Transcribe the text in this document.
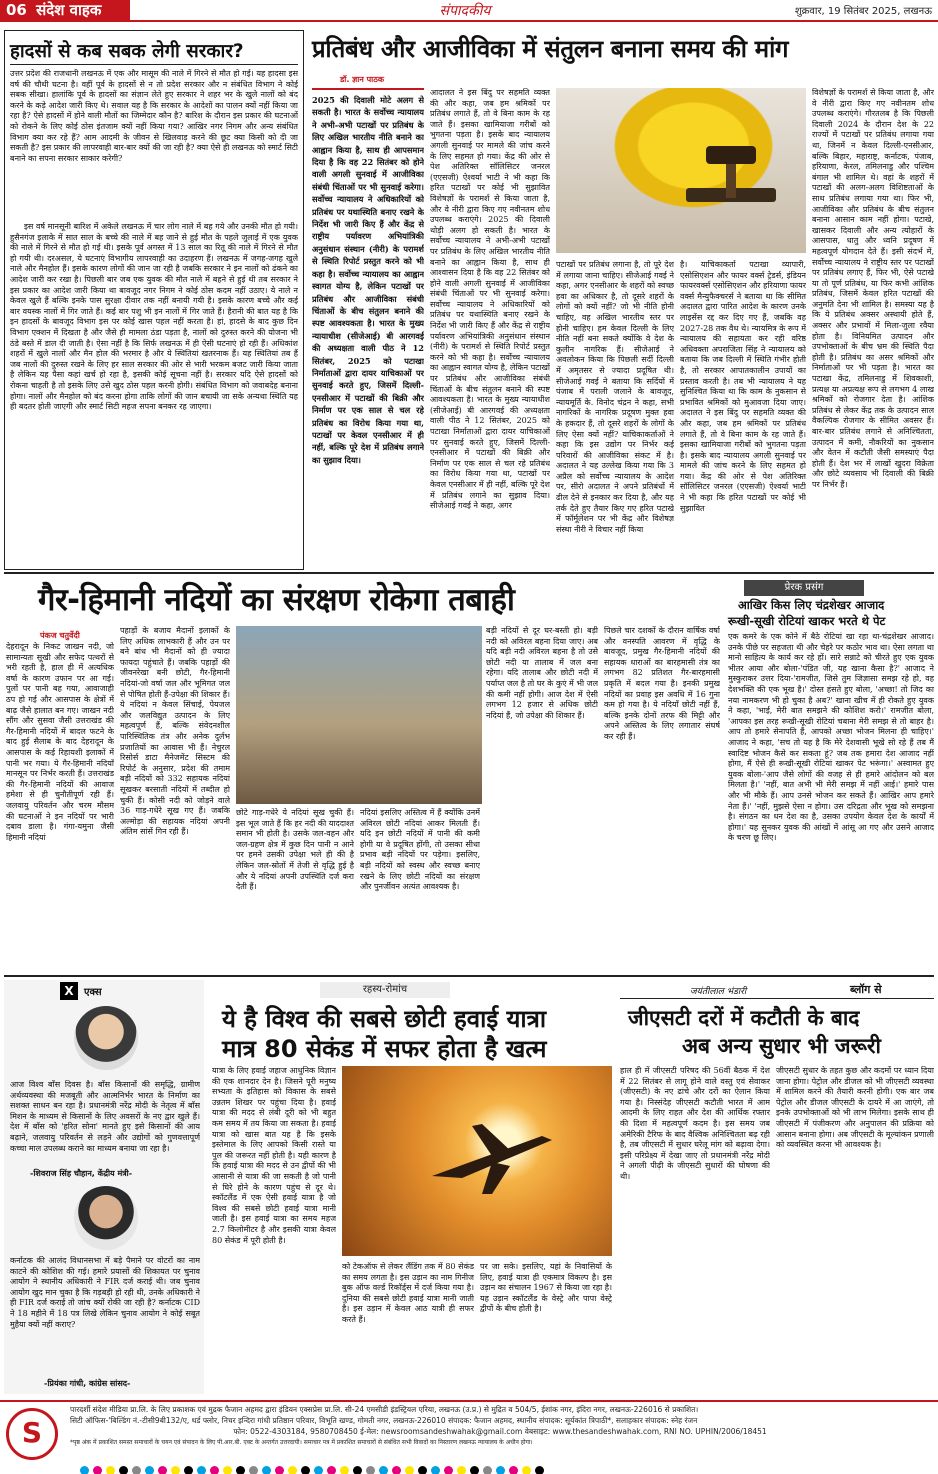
06 संदेश वाहक	संपादकीय	शुक्रवार, 19 सितंबर 2025, लखनऊ
हादसों से कब सबक लेगी सरकार?
उत्तर प्रदेश की राजधानी लखनऊ में एक और मासूम की नाले में गिरने से मौत हो गई। यह हादसा इस वर्ष की चौथी घटना है। वहीं पूर्व के हादसों से न तो प्रदेश सरकार और न संबंधित विभाग ने कोई सबक सीखा। हालांकि पूर्व के हादसों का संज्ञान लेते हुए सरकार ने शहर भर के खुले नालों को बंद करने के कड़े आदेश जारी किए थे। सवाल यह है कि सरकार के आदेशों का पालन क्यों नहीं किया जा रहा है? ऐसे हादसों में होने वाली मौतों का जिम्मेदार कौन है? बारिश के दौरान इस प्रकार की घटनाओं को रोकने के लिए कोई ठोस इंतजाम क्यों नहीं किया गया? आखिर नगर निगम और अन्य संबंधित विभाग क्या कर रहे हैं? आम आदमी के जीवन से खिलवाड़ करने की छूट क्या किसी को दी जा सकती है? इस प्रकार की लापरवाही बार-बार क्यों की जा रही है? क्या ऐसे ही लखनऊ को स्मार्ट सिटी बनाने का सपना सरकार साकार करेगी?
इस वर्ष मानसूनी बारिश में अकेले लखनऊ में चार लोग नाले में बह गये और उनकी मौत हो गयी। हुसैनगंज इलाके में सात साल के बच्चे की नाले में बह जाने से हुई मौत के पहले जुलाई में एक युवक की नाले में गिरने से मौत हो गई थी। इसके पूर्व अगस्त में 13 साल का रितू की नाले में गिरने से मौत हो गयी थी। दरअसल, ये घटनाएं विभागीय लापरवाही का उदाहरण हैं। लखनऊ में जगह-जगह खुले नाले और मैनहोल हैं। इसके कारण लोगों की जान जा रही है जबकि सरकार ने इन नालों को ढंकने का आदेश जारी कर रखा है। पिछली बार जब एक युवक की मौत नाले में बहने से हुई थी तब सरकार ने इस प्रकार का आदेश जारी किया था बावजूद नगर निगम ने कोई ठोस कदम नहीं उठाए। ये नाले न केवल खुले हैं बल्कि इनके पास सुरक्षा दीवार तक नहीं बनायी गयी है। इसके कारण बच्चे और कई बार वयस्क नालों में गिर जाते हैं। कई बार पशु भी इन नालों में गिर जाते हैं। हैरानी की बात यह है कि इन हादसों के बावजूद विभाग इस पर कोई खास पहल नहीं करता है। हां, हादसे के बाद कुछ दिन विभाग एक्शन में दिखता है और जैसे ही मामला ठंडा पड़ता है, नालों को दुरुस्त करने की योजना भी ठंडे बस्ते में डाल दी जाती है। ऐसा नहीं है कि सिर्फ लखनऊ में ही ऐसी घटनाएं हो रही हैं। अधिकांश शहरों में खुले नालों और मैन होल की भरमार है और ये स्थितियां खतरनाक हैं। यह स्थितियां तब हैं जब नालों की दुरुस्त रखने के लिए हर साल सरकार की ओर से भारी भरकम बजट जारी किया जाता है लेकिन यह पैसा कहां खर्च हो रहा है, इसकी कोई सूचना नहीं है। सरकार यदि ऐसे हादसों को रोकना चाहती है तो इसके लिए उसे खुद ठोस पहल करनी होगी। संबंधित विभाग को जवाबदेह बनाना होगा। नालों और मैनहोल को बंद करना होगा ताकि लोगों की जान बचायी जा सके अन्यथा स्थिति यह ही बदतर होती जाएगी और स्मार्ट सिटी महज सपना बनकर रह जाएगा।
प्रतिबंध और आजीविका में संतुलन बनाना समय की मांग
डॉ. ज्ञान पाठक
2025 की दिवाली मोटे अलग से सकती है। भारत के सर्वोच्च न्यायालय ने अभी-अभी पटाखों पर प्रतिबंध के लिए अखिल भारतीय नीति बनाने का आह्वान किया है, साथ ही आपसमान दिया है कि वह 22 सितंबर को होने वाली अगली सुनवाई में आजीविका संबंधी चिंताओं पर भी सुनवाई करेगा। सर्वोच्च न्यायालय ने अधिकारियों को प्रतिबंध पर यथास्थिति बनाए रखने के निर्देश भी जारी किए हैं और केंद्र से राष्ट्रीय पर्यावरण अभियांत्रिकी अनुसंधान संस्थान (नीरी) के परामर्श से स्थिति रिपोर्ट प्रस्तुत करने को भी कहा है। सर्वोच्च न्यायालय का आह्वान स्वागत योग्य है, लेकिन पटाखों पर प्रतिबंध और आजीविका संबंधी चिंताओं के बीच संतुलन बनाने की स्पष्ट आवश्यकता है। भारत के मुख्य न्यायाधीश (सीजेआई) बी आरगवई की अध्यक्षता वाली पीठ ने 12 सितंबर, 2025 को पटाखा निर्माताओं द्वारा दायर याचिकाओं पर सुनवाई करते हुए, जिसमें दिल्ली-एनसीआर में पटाखों की बिक्री और निर्माण पर एक साल से चल रहे प्रतिबंध का विरोध किया गया था, पटाखों पर केवल एनसीआर में ही नहीं, बल्कि पूरे देश में प्रतिबंध लगाने का सुझाव दिया।
आदालत ने इस बिंदु पर सहमति व्यक्त की और कहा, जब हम श्रमिकों पर प्रतिबंध लगाते हैं, तो वे बिना काम के रह जाते हैं। इसका खामियाजा गरीबों को भुगतना पड़ता है। इसके बाद न्यायालय अगली सुनवाई पर मामले की जांच करने के लिए सहमत हो गया। केंद्र की ओर से पेश अतिरिक्त सॉलिसिटर जनरल (एएसजी) ऐश्वर्या भाटी ने भी कहा कि हरित पटाखों पर कोई भी सुझावित विशेषज्ञों के परामर्श से किया जाता है, और वे नीरी द्वारा किए गए नवीनतम शोध उपलब्ध कराएंगे। 2025 की दिवाली थोड़ी अलग हो सकती है। भारत के सर्वोच्च न्यायालय ने अभी-अभी पटाखों पर प्रतिबंध के लिए अखिल भारतीय नीति बनाने का आह्वान किया है, साथ ही आश्वासन दिया है कि वह 22 सितंबर को होने वाली अगली सुनवाई में आजीविका संबंधी चिंताओं पर भी सुनवाई करेगा। सर्वोच्च न्यायालय ने अधिकारियों को प्रतिबंध पर यथास्थिति बनाए रखने के निर्देश भी जारी किए हैं और केंद्र से राष्ट्रीय पर्यावरण अभियांत्रिकी अनुसंधान संस्थान (नीरी) के परामर्श से स्थिति रिपोर्ट प्रस्तुत करने को भी कहा है। सर्वोच्च न्यायालय का आह्वान स्वागत योग्य है, लेकिन पटाखों पर प्रतिबंध और आजीविका संबंधी चिंताओं के बीच संतुलन बनाने की स्पष्ट आवश्यकता है। भारत के मुख्य न्यायाधीश (सीजेआई) बी आरगवई की अध्यक्षता वाली पीठ ने 12 सितंबर, 2025 को पटाखा निर्माताओं द्वारा दायर याचिकाओं पर सुनवाई करते हुए, जिसमें दिल्ली-एनसीआर में पटाखों की बिक्री और निर्माण पर एक साल से चल रहे प्रतिबंध का विरोध किया गया था, पटाखों पर केवल एनसीआर में ही नहीं, बल्कि पूरे देश में प्रतिबंध लगाने का सुझाव दिया। सीजेआई गवई ने कहा, अगर
पटाखों पर प्रतिबंध लगाना है, तो पूरे देश में लगाया जाना चाहिए। सीजेआई गवई ने कहा, अगर एनसीआर के शहरों को स्वच्छ हवा का अधिकार है, तो दूसरे शहरों के लोगों को क्यों नहीं? जो भी नीति होनी चाहिए, वह अखिल भारतीय स्तर पर होनी चाहिए। हम केवल दिल्ली के लिए नीति नहीं बना सकते क्योंकि वे देश के कुलीन नागरिक हैं। सीजेआई ने अवलोकन किया कि पिछली सर्दी दिल्ली में अमृतसर से ज्यादा प्रदूषित थी। सीजेआई गवई ने बताया कि सर्दियों में पंजाब में पराली जलाने के बावजूद, न्यायमूर्ति के. विनोद चंद्रन ने कहा, सभी नागरिकों के नागरिक प्रदूषण मुक्त हवा के हकदार हैं, तो दूसरे शहरों के लोगों के लिए ऐसा क्यों नहीं? याचिकाकर्ताओं ने कहा कि इस उद्योग पर निर्भर कई परिवारों की आजीविका संकट में है। अदालत ने यह उल्लेख किया गया कि 3 अप्रैल को सर्वोच्च न्यायालय के आदेश पर, सीरो अदालत ने अपने प्रतिबंधों में ढील देने से इनकार कर दिया है, और यह तर्क देते हुए तैयार किए गए हरित पटाखे में फॉर्मूलेशन पर भी केंद्र और विशेषज्ञ संस्था नीरी ने विचार नहीं किया
है। याचिकाकर्ता पटाखा व्यापारी, एसोसिएशन और फायर वर्क्स ट्रेडर्स, इंडियन फायरवर्क्स एसोसिएशन और हरियाणा फायर वर्क्स मैन्युफैक्चरर्स ने बताया था कि सीमित अदालत द्वारा पारित आदेश के कारण उनके लाइसेंस रद्द कर दिए गए हैं, जबकि वह 2027-28 तक वैध थे। न्यायमित्र के रूप में न्यायालय की सहायता कर रही वरिष्ठ अधिवक्ता अपराजिता सिंह ने न्यायालय को बताया कि जब दिल्ली में स्थिति गंभीर होती है, तो सरकार आपातकालीन उपायों का प्रस्ताव करती है। तब भी न्यायालय ने यह सुनिश्चित किया था कि काम के नुकसान से प्रभावित श्रमिकों को मुआवजा दिया जाए। अदालत ने इस बिंदु पर सहमति व्यक्त की और कहा, जब हम श्रमिकों पर प्रतिबंध लगाते हैं, तो वे बिना काम के रह जाते हैं। इसका खामियाजा गरीबों को भुगतना पड़ता है। इसके बाद न्यायालय अगली सुनवाई पर मामले की जांच करने के लिए सहमत हो गया। केंद्र की ओर से पेश अतिरिक्त सॉलिसिटर जनरल (एएसजी) ऐश्वर्या भाटी ने भी कहा कि हरित पटाखों पर कोई भी सुझावित
विशेषज्ञों के परामर्श से किया जाता है, और वे नीरी द्वारा किए गए नवीनतम शोध उपलब्ध कराएंगे। गौरतलब है कि पिछली दिवाली 2024 के दौरान देश के 22 राज्यों में पटाखों पर प्रतिबंध लगाया गया था, जिनमें न केवल दिल्ली-एनसीआर, बल्कि बिहार, महाराष्ट्र, कर्नाटक, पंजाब, हरियाणा, केरल, तमिलनाडु और पश्चिम बंगाल भी शामिल थे। वहां के शहरों में पटाखों की अलग-अलग विशिष्टताओं के साथ प्रतिबंध लगाया गया था। फिर भी, आजीविका और प्रतिबंध के बीच संतुलन बनाना आसान काम नहीं होगा। पटाखे, खासकर दिवाली और अन्य त्योहारों के आसपास, धातु और ध्वनि प्रदूषण में महत्वपूर्ण योगदान देते हैं। इसी संदर्भ में, सर्वोच्च न्यायालय ने राष्ट्रीय स्तर पर पटाखों पर प्रतिबंध लगाए हैं, फिर भी, ऐसे पटाखे या तो पूर्ण प्रतिबंध, या फिर कभी आंशिक प्रतिबंध, जिसमें केवल हरित पटाखों की अनुमति देना भी शामिल है। समस्या यह है कि ये प्रतिबंध अक्सर अस्थायी होते हैं, अक्सर और प्रभावों में मिला-जुला रवैया होता है। विनियमित उत्पादन और उपभोक्ताओं के बीच भ्रम की स्थिति पैदा होती है। प्रतिबंध का असर श्रमिकों और निर्माताओं पर भी पड़ता है। भारत का पटाखा केंद्र, तमिलनाडु में शिवकाशी, प्रत्यक्ष या अप्रत्यक्ष रूप से लगभग 4 लाख श्रमिकों को रोजगार देता है। आंशिक प्रतिबंध से लेकर केंद्र तक के उत्पादन साल वैकल्पिक रोजगार के सीमित अवसर हैं। बार-बार प्रतिबंध लगाने से अनिश्चितता, उत्पादन में कमी, नौकरियों का नुकसान और वेतन में कटौती जैसी समस्याएं पैदा होती हैं। देश भर में लाखों खुदरा विक्रेता और छोटे व्यवसाय भी दिवाली की बिक्री पर निर्भर हैं।
गैर-हिमानी नदियों का संरक्षण रोकेगा तबाही
पंकज चतुर्वेदी
देहरादून के निकट जाखन नदी, जो सामान्यतः सूखी और सफेद पत्थरों से भरी रहती है, हाल ही में अत्यधिक वर्षा के कारण उफान पर आ गई। पुलों पर पानी बह गया, आवाजाही ठप हो गई और आसपास के क्षेत्रों में बाढ़ जैसे हालात बन गए। जाखन नदी सौंग और सुसवा जैसी उत्तराखंड की गैर-हिमानी नदियों में बादल फटने के बाद हुई सैलाब के बाद देहरादून के आसपास के कई रिहायशी इलाकों में पानी भर गया। ये गैर-हिमानी नदियाँ मानसून पर निर्भर करती हैं। उत्तराखंड की गैर-हिमानी नदियों की आवाज हमेशा से ही चुनौतीपूर्ण रही हैं। जलवायु परिवर्तन और चरम मौसम की घटनाओं ने इन नदियों पर भारी दबाव डाला है। गंगा-यमुना जैसी हिमानी नदियां
पहाड़ों के बजाय मैदानों इलाकों के लिए अधिक लाभकारी हैं और उन पर बने बांध भी मैदानों को ही ज्यादा फायदा पहुंचाते हैं। जबकि पहाड़ों की जीवनरेखा बनी छोटी, गैर-हिमानी नदियां-जो वर्षा जल और भूमिगत जल से पोषित होती हैं-उपेक्षा की शिकार हैं। ये नदियां न केवल सिंचाई, पेयजल और जलविद्युत उत्पादन के लिए महत्वपूर्ण हैं, बल्कि संवेदनशील पारिस्थितिक तंत्र और अनेक दुर्लभ प्रजातियों का आवास भी हैं। नेचुरल रिसोर्स डाटा मैनेजमेंट सिस्टम की रिपोर्ट के अनुसार, प्रदेश की तमाम बड़ी नदियों को 332 सहायक नदियां सूखकर बरसाती नदियों में तब्दील हो चुकी हैं। कोसी नदी को जोड़ने वाले 36 गाड़-गधेरे सूख गए हैं। जबकि अल्मोड़ा की सहायक नदियां अपनी अंतिम सांसें गिन रही हैं।
छोटे गाड़-गधेरे ये नदियां सूख चुकी हैं। इस भूल जाते हैं कि हर नदी की याददाश्त समान भी होती है। उसके जल-वहन और जल-ग्रहण क्षेत्र में कुछ दिन पानी न आने पर हमने उसकी उपेक्षा भले ही की है लेकिन जल-स्रोतों में तेजी से वृद्धि हुई है और ये नदियां अपनी उपस्थिति दर्ज करा देती हैं।
नदियां इसलिए अस्तित्व में हैं क्योंकि उनमें अविरल छोटी नदियां आकर मिलती हैं। यदि इन छोटी नदियों में पानी की कमी होगी या वे प्रदूषित होंगी, तो उसका सीधा प्रभाव बड़ी नदियों पर पड़ेगा। इसलिए, बड़ी नदियों को स्वस्थ और स्वच्छ बनाए रखने के लिए छोटी नदियों का संरक्षण और पुनर्जीवन अत्यंत आवश्यक है।
बड़ी नदियों से दूर घर-बस्ती हो। बड़ी नदी को अविरल बहना दिया जाए। अब यदि बड़ी नदी अविरल बहना है तो उसे छोटी नदी या तालाब में जल बना रहेगा। यदि तालाब और छोटी नदी में पर्याप्त जल है तो घर के कुएं में भी जल की कमी नहीं होगी। आज देश में ऐसी लगभग 12 हजार से अधिक छोटी नदियां हैं, जो उपेक्षा की शिकार हैं।
पिछले चार दशकों के दौरान वार्षिक वर्षा और वनस्पति आवरण में वृद्धि के बावजूद, प्रमुख गैर-हिमानी नदियों की सहायक धाराओं का बारहमासी तंत्र का लगभग 82 प्रतिशत गैर-बारहमासी प्रकृति में बदल गया है। इनकी प्रमुख नदियों का प्रवाह इस अवधि में 16 गुना कम हो गया है। ये नदियाँ छोटी नहीं हैं, बल्कि इनके दोनों तरफ की मिट्टी और अपने अस्तित्व के लिए लगातार संघर्ष कर रही हैं।
प्रेरक प्रसंग
आखिर किस लिए चंद्रशेखर आजाद
रूखी-सूखी रोटियां खाकर भरते थे पेट
एक कमरे के एक कोने में बैठे रोटियां खा रहा था-चंद्रशेखर आजाद। उनके पीछे पर सहजता थी और चेहरे पर कठोर भाव था। ऐसा लगता था मानो साहित्य के कार्य कर रहे हों। सारे सन्नाटे को चीरते हुए एक युवक भीतर आया और बोला-'पंडित जी, यह खाना कैसा है?' आजाद ने मुस्कुराकर उत्तर दिया-'रामजीत, जिसे तुम जिज्ञासा समझ रहे हो, वह देशभक्ति की एक भूख है।' दोस्त हंसते हुए बोला, 'अच्छा! तो जिद का नया नामकरण भी हो चुका है अब?' खाना खीच में ही रोकते हुए युवक ने कहा, 'भाई, मेरी बात समझने की कोशिश करो।' रामजीत बोला, 'आपका इस तरह रूखी-सूखी रोटियां चबाना मेरी समझ से तो बाहर है। आप तो हमारे सेनापति हैं, आपको अच्छा भोजन मिलना ही चाहिए।' आजाद ने कहा, 'सच तो यह है कि मेरे देशवासी भूखे सो रहे हैं तब मैं स्वादिष्ट भोजन कैसे कर सकता हूं? जब तक हमारा देश आजाद नहीं होगा, मैं ऐसे ही रूखी-सूखी रोटियां खाकर पेट भरूंगा।' अस्वामत हुए युवक बोला-'आप जैसे लोगों की वजह से ही हमारे आंदोलन को बल मिलता है।' 'नहीं, बात अभी भी मेरी समझ में नहीं आई।' हमारे पास और भी मौके हैं। आप उनसे भोजन कर सकते हैं। आखिर आप हमारे नेता हैं।' 'नहीं, मुझसे ऐसा न होगा। उस दरिद्रता और भूख को समझना है। संगठन का धन देश का है, उसका उपयोग केवल देश के कार्यों में होगा।' यह सुनकर युवक की आंखों में आंसू आ गए और उसने आजाद के चरण छू लिए।
X	एक्स
आज विश्व बाँस दिवस है। बाँस किसानों की समृद्धि, ग्रामीण अर्थव्यवस्था की मजबूती और आत्मनिर्भर भारत के निर्माण का सशक्त साधन बन रहा है। प्रधानमंत्री नरेंद्र मोदी के नेतृत्व में बाँस मिशन के माध्यम से किसानों के लिए अवसरों के नए द्वार खुले हैं। देश में बाँस को 'हरित सोना' मानते हुए इसे किसानों की आय बढ़ाने, जलवायु परिवर्तन से लड़ने और उद्योगों को गुणवत्तापूर्ण कच्चा माल उपलब्ध कराने का माध्यम बनाया जा रहा है।
-शिवराज सिंह चौहान, केंद्रीय मंत्री-
कर्नाटक की आलंद विधानसभा में बड़े पैमाने पर वोटरों का नाम काटने की कोशिश की गई। हमारे प्रयासों की शिकायत पर चुनाव आयोग ने स्थानीय अधिकारी ने FIR दर्ज कराई थी। जब चुनाव आयोग खुद मान चुका है कि गड़बड़ी हो रही थी, उनके अधिकारी ने ही FIR दर्ज कराई तो जांच क्यों रोकी जा रही है? कर्नाटक CID ने 18 महीने में 18 पत्र लिखे लेकिन चुनाव आयोग ने कोई सबूत मुहैया क्यों नहीं कराए?
-प्रियंका गांधी, कांग्रेस सांसद-
रहस्य-रोमांच
ये है विश्व की सबसे छोटी हवाई यात्रा
मात्र 80 सेकंड में सफर होता है खत्म
यात्रा के लिए हवाई जहाज आधुनिक विज्ञान की एक शानदार देन है। जिसने पूरी मनुष्य सभ्यता के इतिहास को विकास के सबसे उन्नतम शिखर पर पहुंचा दिया है। हवाई यात्रा की मदद से लंबी दूरी को भी बहुत कम समय में तय किया जा सकता है। हवाई यात्रा को खास बात यह है कि इसके इस्तेमाल के लिए आपको किसी रास्ते या पुल की जरूरत नहीं होती है। यही कारण है कि हवाई यात्रा की मदद से उन द्वीपों की भी आसानी से यात्रा की जा सकती है जो पानी से घिरे होने के कारण पहुंच से दूर थे। स्कॉटलैंड में एक ऐसी हवाई यात्रा है जो विश्व की सबसे छोटी हवाई यात्रा मानी जाती है। इस हवाई यात्रा का समय महज 2.7 किलोमीटर है और इसकी यात्रा केवल 80 सेकंड में पूरी होती है।
को टेकऑफ से लेकर लैंडिंग तक में 80 सेकंड का समय लगता है। इस उड़ान का नाम गिनीज बुक ऑफ वर्ल्ड रिकॉर्ड्स में दर्ज किया गया है। दुनिया की सबसे छोटी हवाई यात्रा मानी जाती है। इस उड़ान में केवल आठ यात्री ही सफर करते हैं।
पर जा सके। इसलिए, यहां के निवासियों के लिए, हवाई यात्रा ही एकमात्र विकल्प है। इस उड़ान का संचालन 1967 से किया जा रहा है। यह उड़ान स्कॉटलैंड के वेस्ट्रे और पापा वेस्ट्रे द्वीपों के बीच होती है।
जयंतीलाल भंडारी	ब्लॉग से
जीएसटी दरों में कटौती के बाद
अब अन्य सुधार भी जरूरी
हाल ही में जीएसटी परिषद की 56वीं बैठक में देश में 22 सितंबर से लागू होने वाले वस्तु एवं सेवाकर (जीएसटी) के नए ढांचे और दरों का ऐलान किया गया है। निस्संदेह जीएसटी कटौती भारत में आम आदमी के लिए राहत और देश की आर्थिक रफ्तार की दिशा में महत्वपूर्ण कदम है। इस समय जब अमेरिकी टैरिफ के बाद वैश्विक अनिश्चितता बढ़ रही है, तब जीएसटी में सुधार घरेलू मांग को बढ़ावा देगा। इसी परिप्रेक्ष्य में देखा जाए तो प्रधानमंत्री नरेंद्र मोदी ने अगली पीढ़ी के जीएसटी सुधारों की घोषणा की थी।
जीएसटी सुधार के तहत कुछ और कदमों पर ध्यान दिया जाना होगा। पेट्रोल और डीजल को भी जीएसटी व्यवस्था में शामिल करने की तैयारी करनी होगी। एक बार जब पेट्रोल और डीजल जीएसटी के दायरे में आ जाएंगे, तो इनके उपभोक्ताओं को भी लाभ मिलेगा। इसके साथ ही जीएसटी में पंजीकरण और अनुपालन की प्रक्रिया को आसान बनाना होगा। अब जीएसटी के मूल्यांकन प्रणाली को व्यवस्थित करना भी आवश्यक है।
S
पारदर्शी संदेश मीडिया प्रा.लि. के लिए प्रकाशक एवं मुद्रक फैजान अहमद द्वारा इंडियन एक्सप्रेस प्रा.लि. सी-24 एमसीडी इंडस्ट्रियल एरिया, लखनऊ (उ.प्र.) से मुद्रित व 504/5, ईशांक नगर, इंदिरा नगर, लखनऊ-226016 से प्रकाशित।
सिटी ऑफिस-'बिल्डिंग नं.-टीसी9बी132/ए, थर्ड फ्लोर, निचर इन्दिरा गांधी प्रतिष्ठान परिवार, विभूति खण्ड, गोमती नगर, लखनऊ-226010 संपादक: फैजान अहमद, स्थानीय संपादक: सूर्यकांत त्रिपाठी*, सलाहकार संपादक: स्नेह रंजन
फोन: 0522-4303184, 9580708450 ई-मेल: newsroomsandeshwahak@gmail.com वेबसाइट: www.thesandeshwahak.com, RNI NO. UPHIN/2006/18451
*पृष्ठ अंक में प्रकाशित समस्त समाचारों के चयन एवं संपादन के लिए पी.आर.बी. एक्ट के अन्तर्गत उत्तरदायी। समाचार पत्र में प्रकाशित समाचारों से संबंधित सभी विवादों का निस्तारण लखनऊ न्यायालय के अधीन होगा।
